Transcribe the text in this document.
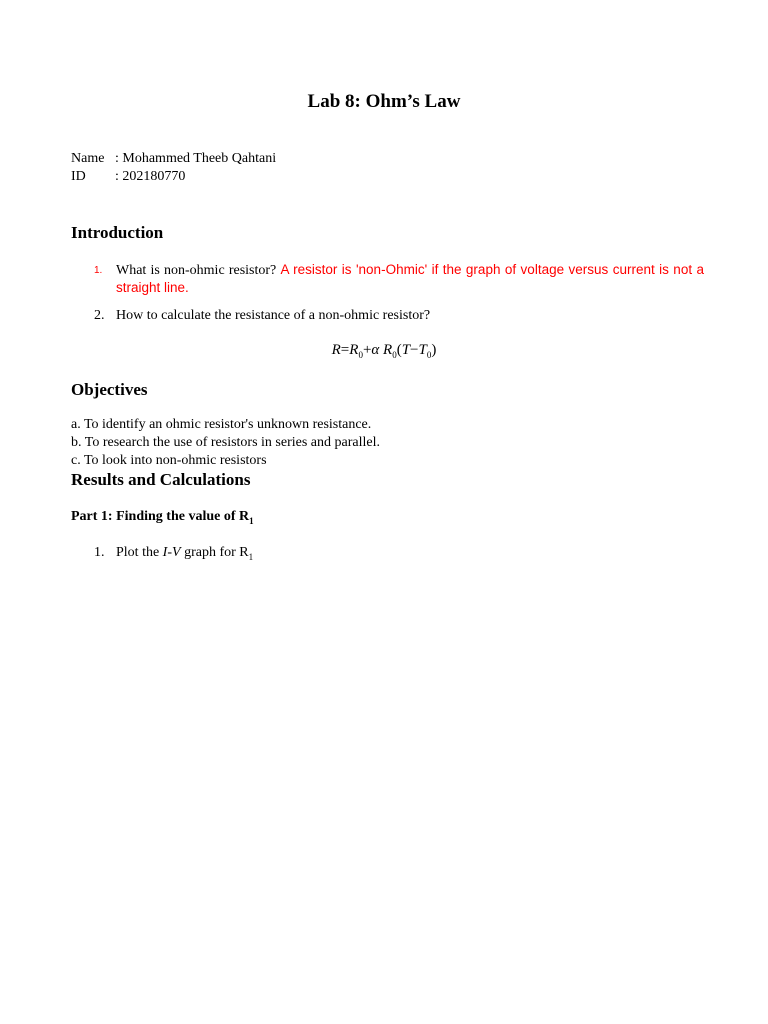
Lab 8: Ohm’s Law
Name : Mohammed Theeb Qahtani
ID : 202180770
Introduction
1. What is non-ohmic resistor? A resistor is 'non-Ohmic' if the graph of voltage versus current is not a straight line.
2. How to calculate the resistance of a non-ohmic resistor?
$R=R_0+\alpha$ $R_0(T-T_0)$
Objectives
a. To identify an ohmic resistor's unknown resistance.
b. To research the use of resistors in series and parallel.
c. To look into non-ohmic resistors
Results and Calculations
Part 1: Finding the value of $R_1$
1. Plot the I-V graph for $R_1$
